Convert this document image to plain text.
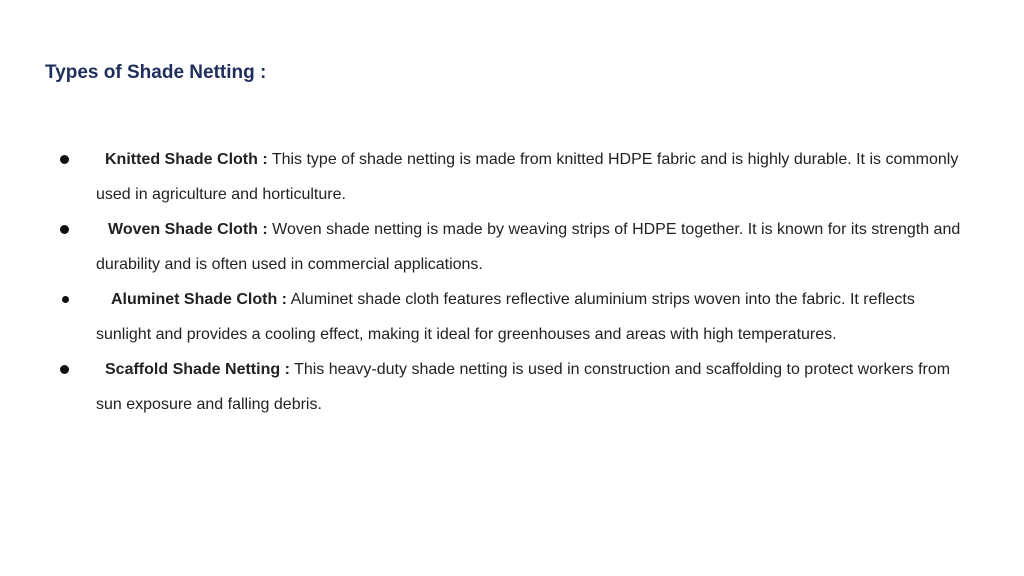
Types of Shade Netting :
Knitted Shade Cloth : This type of shade netting is made from knitted HDPE fabric and is highly durable. It is commonly used in agriculture and horticulture.
Woven Shade Cloth : Woven shade netting is made by weaving strips of HDPE together. It is known for its strength and durability and is often used in commercial applications.
Aluminet Shade Cloth : Aluminet shade cloth features reflective aluminium strips woven into the fabric. It reflects sunlight and provides a cooling effect, making it ideal for greenhouses and areas with high temperatures.
Scaffold Shade Netting : This heavy-duty shade netting is used in construction and scaffolding to protect workers from sun exposure and falling debris.
